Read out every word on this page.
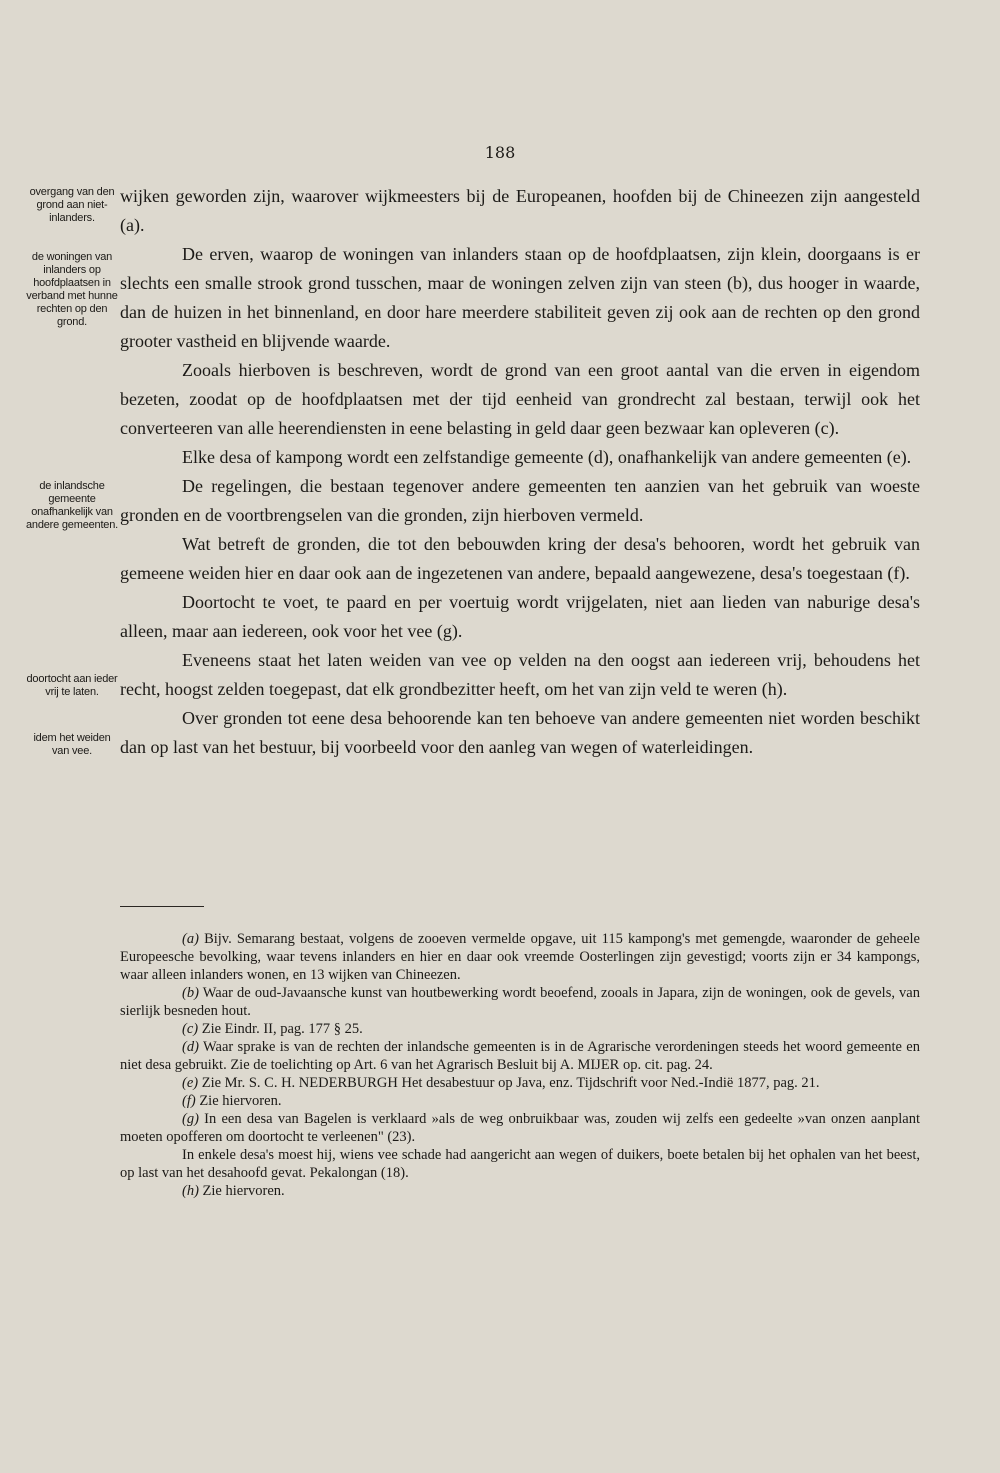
188
overgang van den grond aan niet-inlanders.
de woningen van inlanders op hoofdplaatsen in verband met hunne rechten op den grond.
de inlandsche gemeente onafhankelijk van andere gemeenten.
doortocht aan ieder vrij te laten.
idem het weiden van vee.

wijken geworden zijn, waarover wijkmeesters bij de Europeanen, hoofden bij de Chineezen zijn aangesteld (a).

De erven, waarop de woningen van inlanders staan op de hoofdplaatsen, zijn klein, doorgaans is er slechts een smalle strook grond tusschen, maar de woningen zelven zijn van steen (b), dus hooger in waarde, dan de huizen in het binnenland, en door hare meerdere stabiliteit geven zij ook aan de rechten op den grond grooter vastheid en blijvende waarde.

Zooals hierboven is beschreven, wordt de grond van een groot aantal van die erven in eigendom bezeten, zoodat op de hoofdplaatsen met der tijd eenheid van grondrecht zal bestaan, terwijl ook het converteeren van alle heerendiensten in eene belasting in geld daar geen bezwaar kan opleveren (c).

Elke desa of kampong wordt een zelfstandige gemeente (d), onafhankelijk van andere gemeenten (e).

De regelingen, die bestaan tegenover andere gemeenten ten aanzien van het gebruik van woeste gronden en de voortbrengselen van die gronden, zijn hierboven vermeld.

Wat betreft de gronden, die tot den bebouwden kring der desa's behooren, wordt het gebruik van gemeene weiden hier en daar ook aan de ingezetenen van andere, bepaald aangewezene, desa's toegestaan (f).

Doortocht te voet, te paard en per voertuig wordt vrijgelaten, niet aan lieden van naburige desa's alleen, maar aan iedereen, ook voor het vee (g).

Eveneens staat het laten weiden van vee op velden na den oogst aan iedereen vrij, behoudens het recht, hoogst zelden toegepast, dat elk grondbezitter heeft, om het van zijn veld te weren (h).

Over gronden tot eene desa behoorende kan ten behoeve van andere gemeenten niet worden beschikt dan op last van het bestuur, bij voorbeeld voor den aanleg van wegen of waterleidingen.

(a) Bijv. Semarang bestaat, volgens de zooeven vermelde opgave, uit 115 kampong's met gemengde, waaronder de geheele Europeesche bevolking, waar tevens inlanders en hier en daar ook vreemde Oosterlingen zijn gevestigd; voorts zijn er 34 kampongs, waar alleen inlanders wonen, en 13 wijken van Chineezen.

(b) Waar de oud-Javaansche kunst van houtbewerking wordt beoefend, zooals in Japara, zijn de woningen, ook de gevels, van sierlijk besneden hout.

(c) Zie Eindr. II, pag. 177 § 25.

(d) Waar sprake is van de rechten der inlandsche gemeenten is in de Agrarische verordeningen steeds het woord gemeente en niet desa gebruikt. Zie de toelichting op Art. 6 van het Agrarisch Besluit bij A. MIJER op. cit. pag. 24.

(e) Zie Mr. S. C. H. NEDERBURGH Het desabestuur op Java, enz. Tijdschrift voor Ned.-Indië 1877, pag. 21.

(f) Zie hiervoren.

(g) In een desa van Bagelen is verklaard »als de weg onbruikbaar was, zouden wij zelfs een gedeelte »van onzen aanplant moeten opofferen om doortocht te verleenen" (23).

In enkele desa's moest hij, wiens vee schade had aangericht aan wegen of duikers, boete betalen bij het ophalen van het beest, op last van het desahoofd gevat. Pekalongan (18).

(h) Zie hiervoren.
